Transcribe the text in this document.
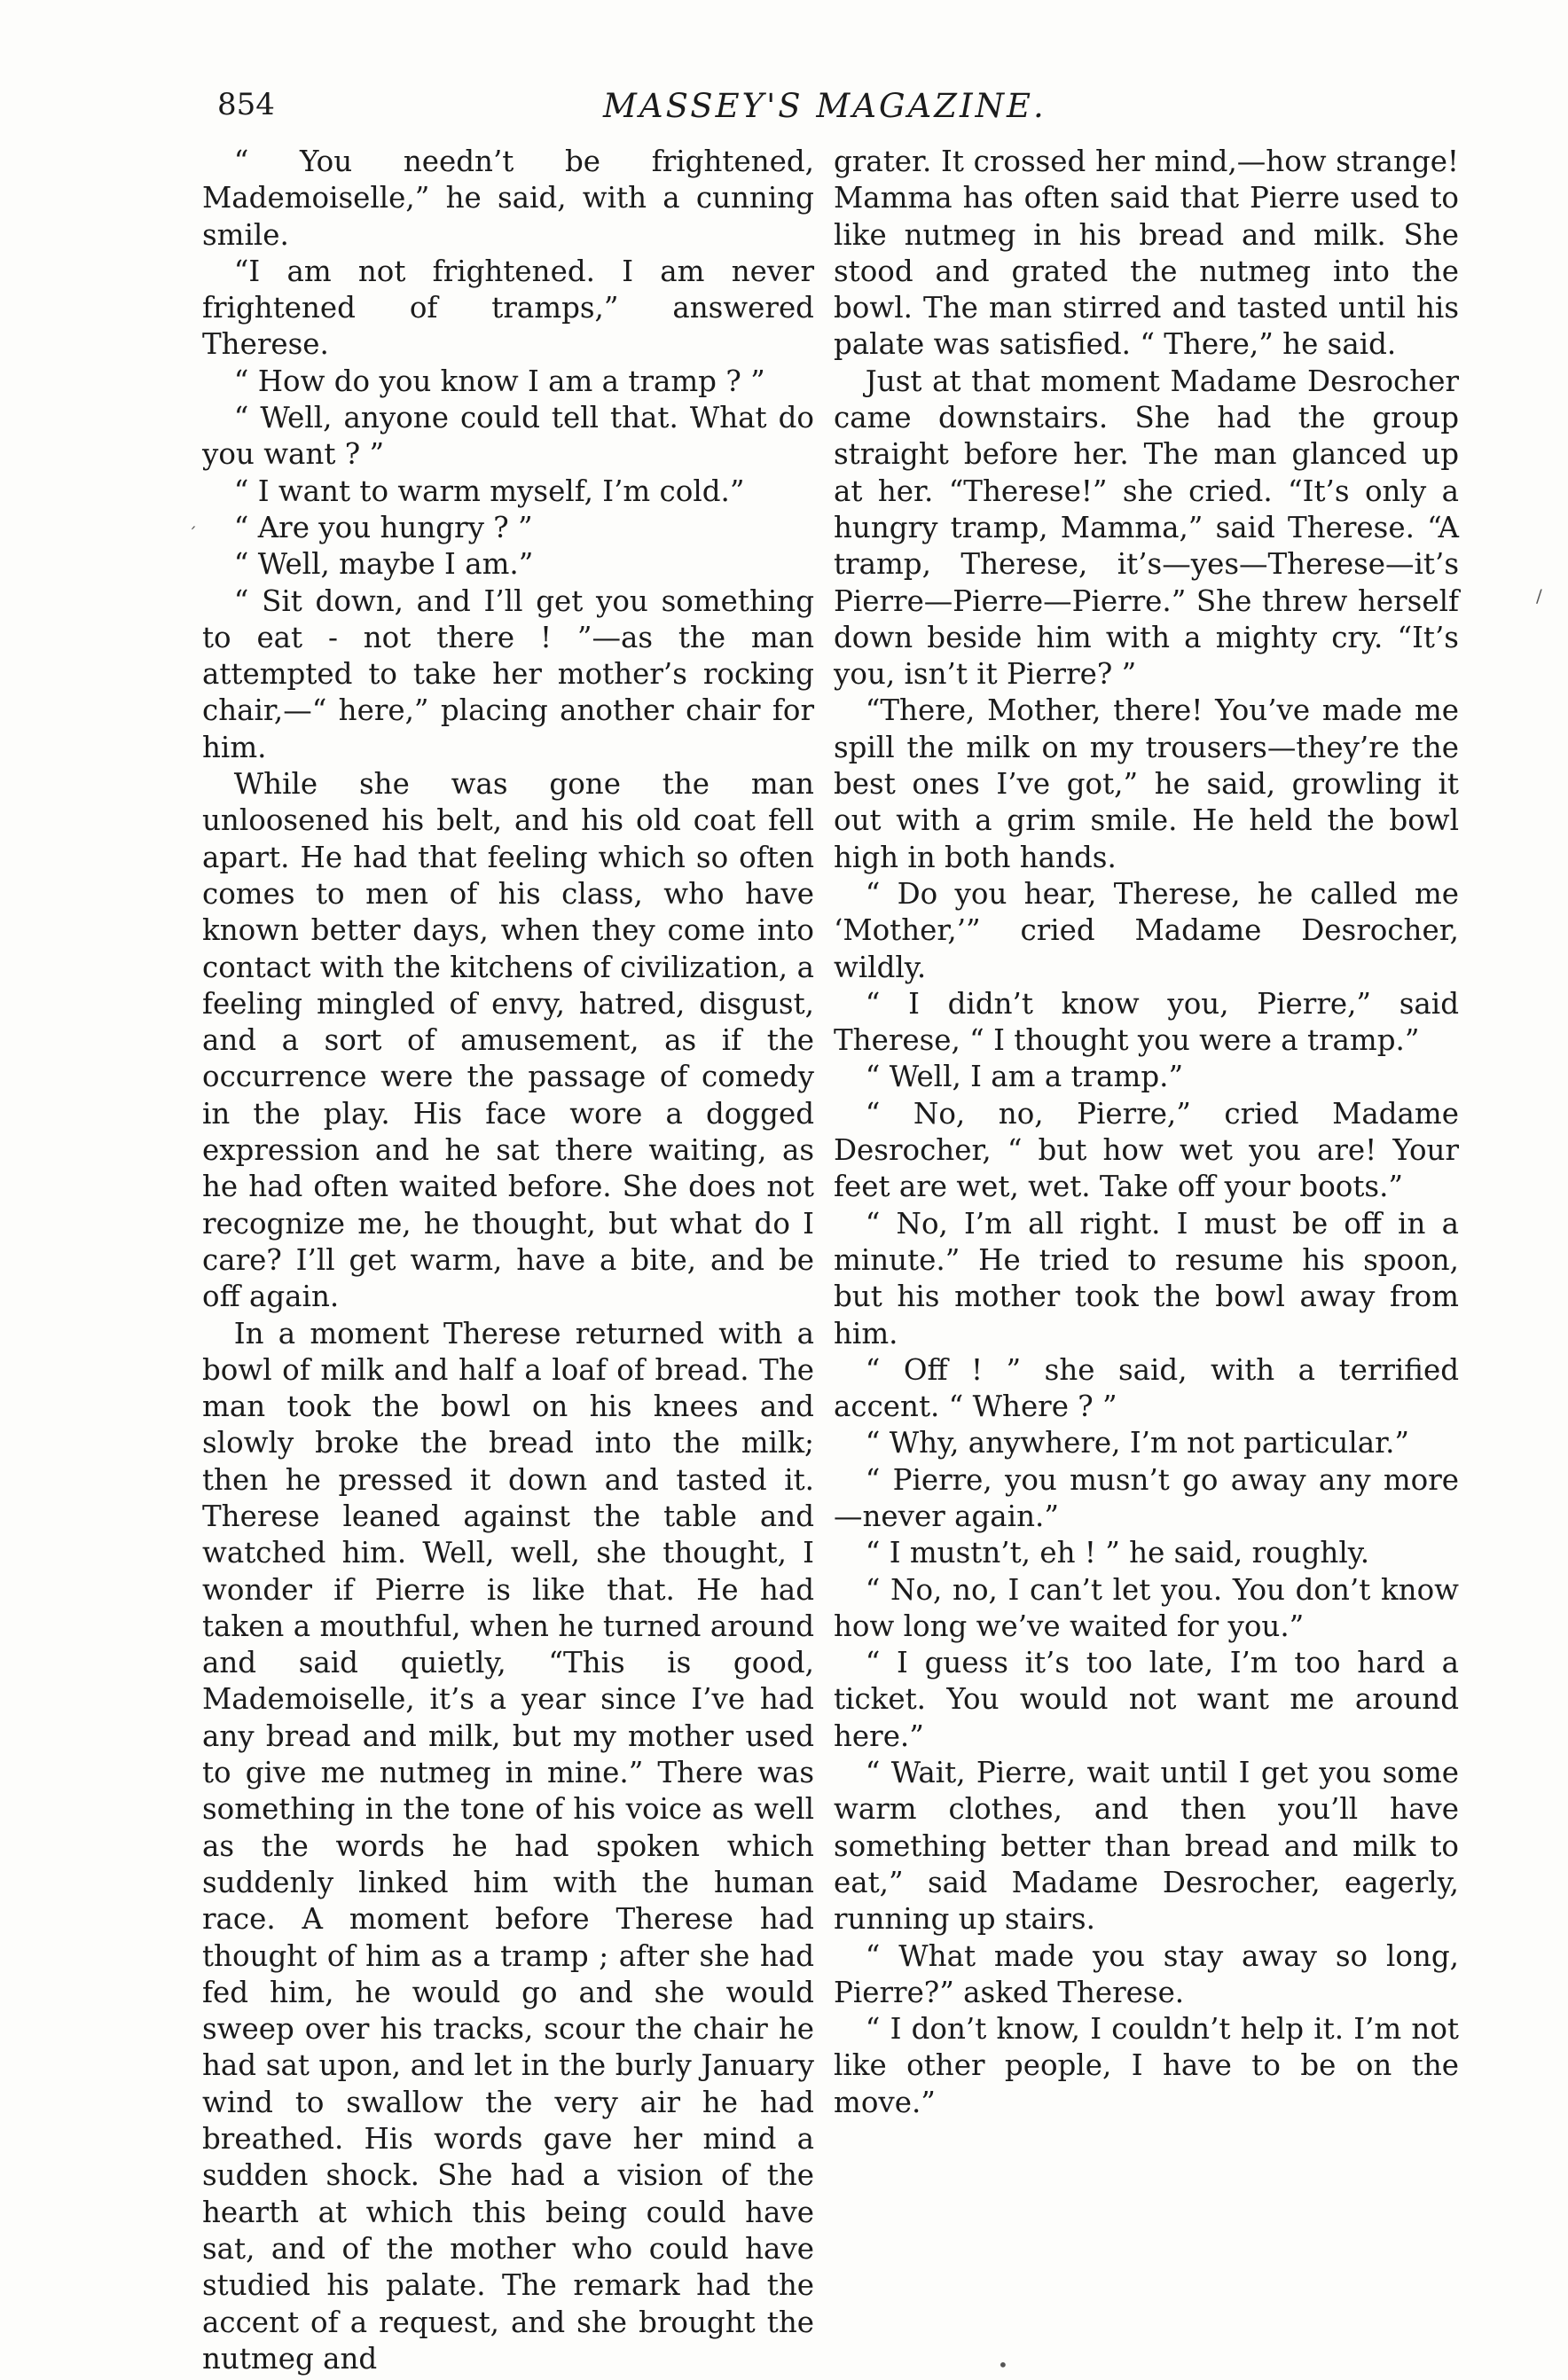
854	MASSEY'S MAGAZINE.

“ You needn’t be frightened, Mademoiselle,” he said, with a cunning smile.

“I am not frightened. I am never frightened of tramps,” answered Therese.

“ How do you know I am a tramp ? ”

“ Well, anyone could tell that. What do you want ? ”

“ I want to warm myself, I’m cold.”

“ Are you hungry ? ”

“ Well, maybe I am.”

“ Sit down, and I’ll get you something to eat - not there ! ”—as the man attempted to take her mother’s rocking chair,—“ here,” placing another chair for him.

While she was gone the man unloosened his belt, and his old coat fell apart. He had that feeling which so often comes to men of his class, who have known better days, when they come into contact with the kitchens of civilization, a feeling mingled of envy, hatred, disgust, and a sort of amusement, as if the occurrence were the passage of comedy in the play. His face wore a dogged expression and he sat there waiting, as he had often waited before. She does not recognize me, he thought, but what do I care? I’ll get warm, have a bite, and be off again.

In a moment Therese returned with a bowl of milk and half a loaf of bread. The man took the bowl on his knees and slowly broke the bread into the milk; then he pressed it down and tasted it. Therese leaned against the table and watched him. Well, well, she thought, I wonder if Pierre is like that. He had taken a mouthful, when he turned around and said quietly, “This is good, Mademoiselle, it’s a year since I’ve had any bread and milk, but my mother used to give me nutmeg in mine.” There was something in the tone of his voice as well as the words he had spoken which suddenly linked him with the human race. A moment before Therese had thought of him as a tramp ; after she had fed him, he would go and she would sweep over his tracks, scour the chair he had sat upon, and let in the burly January wind to swallow the very air he had breathed. His words gave her mind a sudden shock. She had a vision of the hearth at which this being could have sat, and of the mother who could have studied his palate. The remark had the accent of a request, and she brought the nutmeg and

grater. It crossed her mind,—how strange! Mamma has often said that Pierre used to like nutmeg in his bread and milk. She stood and grated the nutmeg into the bowl. The man stirred and tasted until his palate was satisfied. “ There,” he said.

Just at that moment Madame Desrocher came downstairs. She had the group straight before her. The man glanced up at her. “Therese!” she cried. “It’s only a hungry tramp, Mamma,” said Therese. “A tramp, Therese, it’s—yes—Therese—it’s Pierre—Pierre—Pierre.” She threw herself down beside him with a mighty cry. “It’s you, isn’t it Pierre? ”

“There, Mother, there! You’ve made me spill the milk on my trousers—they’re the best ones I’ve got,” he said, growling it out with a grim smile. He held the bowl high in both hands.

“ Do you hear, Therese, he called me ‘Mother,’” cried Madame Desrocher, wildly.

“ I didn’t know you, Pierre,” said Therese, “ I thought you were a tramp.”

“ Well, I am a tramp.”

“ No, no, Pierre,” cried Madame Desrocher, “ but how wet you are! Your feet are wet, wet. Take off your boots.”

“ No, I’m all right. I must be off in a minute.” He tried to resume his spoon, but his mother took the bowl away from him.

“ Off ! ” she said, with a terrified accent. “ Where ? ”

“ Why, anywhere, I’m not particular.”

“ Pierre, you musn’t go away any more —never again.”

“ I mustn’t, eh ! ” he said, roughly.

“ No, no, I can’t let you. You don’t know how long we’ve waited for you.”

“ I guess it’s too late, I’m too hard a ticket. You would not want me around here.”

“ Wait, Pierre, wait until I get you some warm clothes, and then you’ll have something better than bread and milk to eat,” said Madame Desrocher, eagerly, running up stairs.

“ What made you stay away so long, Pierre?” asked Therese.

“ I don’t know, I couldn’t help it. I’m not like other people, I have to be on the move.”

/
´
•
